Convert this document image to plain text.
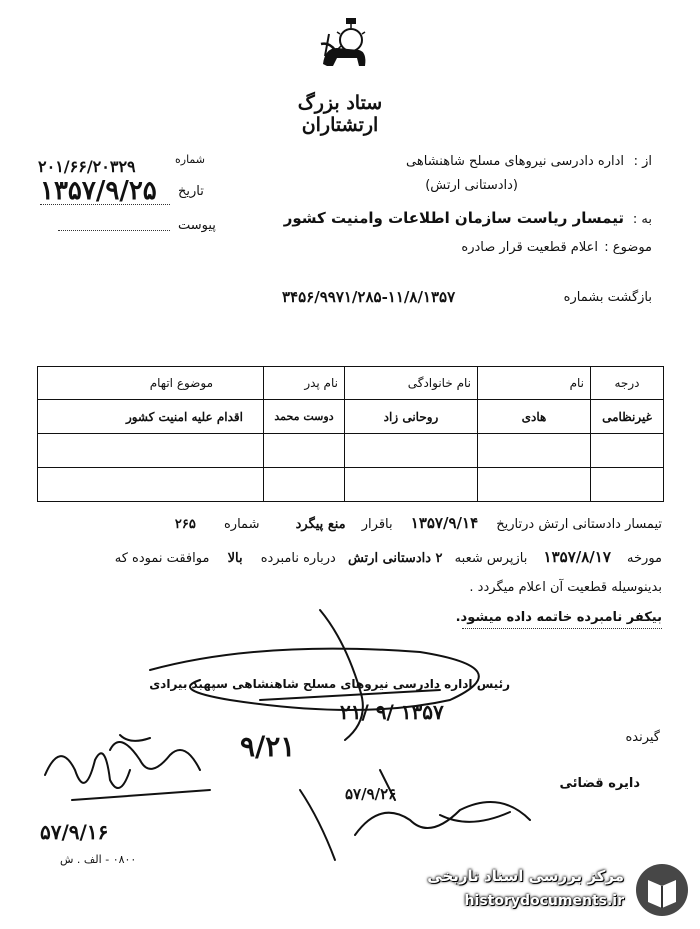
ستاد بزرگ ارتشتاران
شماره
۲۰۱/۶۶/۲۰۳۲۹
تاریخ
۱۳۵۷/۹/۲۵
پیوست
از :
اداره دادرسی نیروهای مسلح شاهنشاهی
(دادستانی ارتش)
به :
تیمسار ریاست سازمان اطلاعات وامنیت کشور
موضوع :
اعلام قطعیت قرار صادره
بازگشت بشماره
۳۴۵۶/۹۹۷۱/۲۸۵-۱۱/۸/۱۳۵۷
درجه	نام	نام خانوادگی	نام پدر	موضوع اتهام
غیرنظامی	هادی	روحانی زاد	دوست محمد	اقدام علیه امنیت کشور

تیمسار دادستانی ارتش درتاریخ ۱۳۵۷/۹/۱۴ باقرار منع پیگرد شماره ۲۶۵
مورخه ۱۳۵۷/۸/۱۷ بازپرس شعبه ۲ دادستانی ارتش درباره نامبرده بالا موافقت نموده که
بدینوسیله قطعیت آن اعلام میگردد .
بیکفر نامبرده خاتمه داده میشود.
رئیس اداره دادرسی نیروهای مسلح شاهنشاهی سپهبد بیرادی
۲۱/ ۹/ ۱۳۵۷
گیرنده
دایره قضائی
۹/۲۱
۵۷/۹/۲۶
۵۷/۹/۱۶
۰۸۰۰ - الف . ش
مرکز بررسی اسناد تاریخی
historydocuments.ir
